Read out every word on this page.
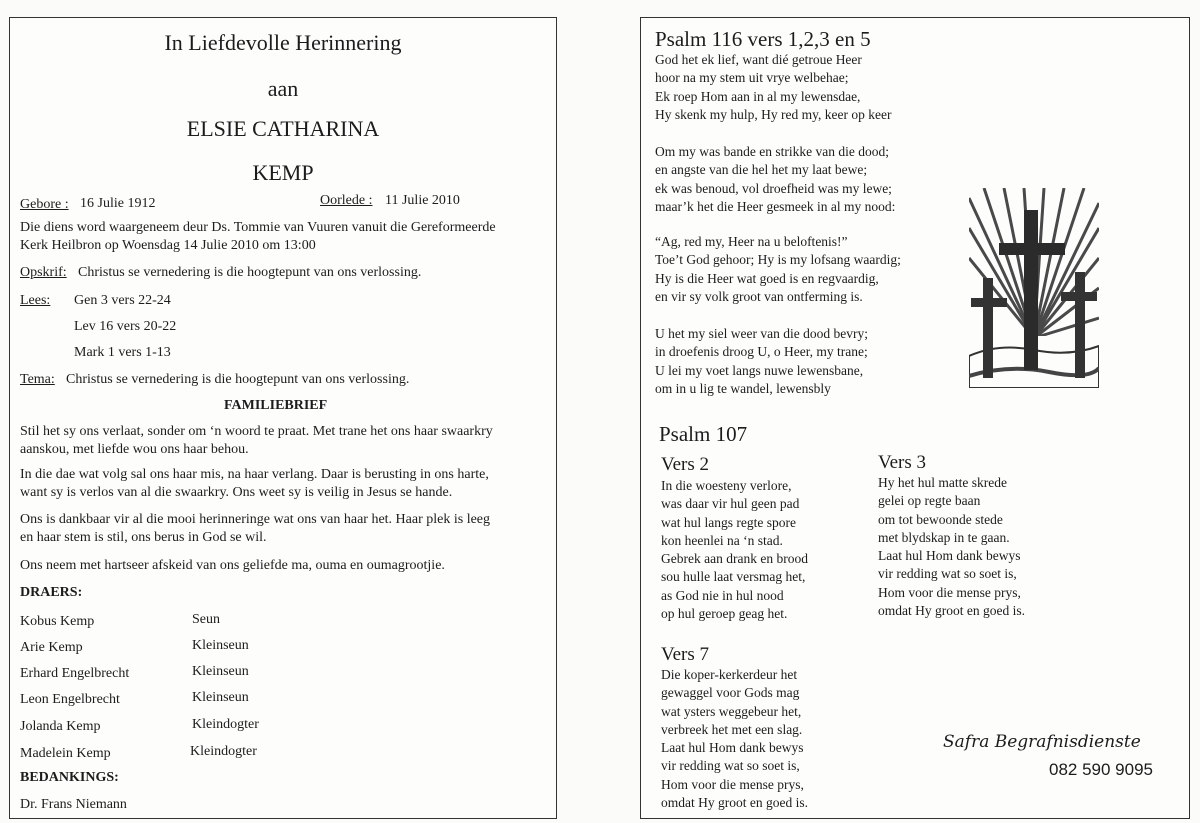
In Liefdevolle Herinnering
aan
ELSIE CATHARINA
KEMP
Gebore : 16 Julie 1912	Oorlede : 11 Julie 2010
Die diens word waargeneem deur Ds. Tommie van Vuuren vanuit die Gereformeerde
Kerk Heilbron op Woensdag 14 Julie 2010 om 13:00
Opskrif: Christus se vernedering is die hoogtepunt van ons verlossing.
Lees: Gen 3 vers 22-24
Lev 16 vers 20-22
Mark 1 vers 1-13
Tema: Christus se vernedering is die hoogtepunt van ons verlossing.
FAMILIEBRIEF
Stil het sy ons verlaat, sonder om ‘n woord te praat. Met trane het ons haar swaarkry
aanskou, met liefde wou ons haar behou.
In die dae wat volg sal ons haar mis, na haar verlang. Daar is berusting in ons harte,
want sy is verlos van al die swaarkry. Ons weet sy is veilig in Jesus se hande.
Ons is dankbaar vir al die mooi herinneringe wat ons van haar het. Haar plek is leeg
en haar stem is stil, ons berus in God se wil.
Ons neem met hartseer afskeid van ons geliefde ma, ouma en oumagrootjie.
DRAERS:
Kobus Kemp	Seun
Arie Kemp	Kleinseun
Erhard Engelbrecht	Kleinseun
Leon Engelbrecht	Kleinseun
Jolanda Kemp	Kleindogter
Madelein Kemp	Kleindogter
BEDANKINGS:
Dr. Frans Niemann
Psalm 116 vers 1,2,3 en 5
God het ek lief, want dié getroue Heer
hoor na my stem uit vrye welbehae;
Ek roep Hom aan in al my lewensdae,
Hy skenk my hulp, Hy red my, keer op keer
Om my was bande en strikke van die dood;
en angste van die hel het my laat bewe;
ek was benoud, vol droefheid was my lewe;
maar’k het die Heer gesmeek in al my nood:
“Ag, red my, Heer na u beloftenis!”
Toe’t God gehoor; Hy is my lofsang waardig;
Hy is die Heer wat goed is en regvaardig,
en vir sy volk groot van ontferming is.
U het my siel weer van die dood bevry;
in droefenis droog U, o Heer, my trane;
U lei my voet langs nuwe lewensbane,
om in u lig te wandel, lewensbly
Psalm 107
Vers 2
In die woesteny verlore,
was daar vir hul geen pad
wat hul langs regte spore
kon heenlei na ‘n stad.
Gebrek aan drank en brood
sou hulle laat versmag het,
as God nie in hul nood
op hul geroep geag het.
Vers 3
Hy het hul matte skrede
gelei op regte baan
om tot bewoonde stede
met blydskap in te gaan.
Laat hul Hom dank bewys
vir redding wat so soet is,
Hom voor die mense prys,
omdat Hy groot en goed is.
Vers 7
Die koper-kerkerdeur het
gewaggel voor Gods mag
wat ysters weggebeur het,
verbreek het met een slag.
Laat hul Hom dank bewys
vir redding wat so soet is,
Hom voor die mense prys,
omdat Hy groot en goed is.
Safra Begrafnisdienste
082 590 9095
